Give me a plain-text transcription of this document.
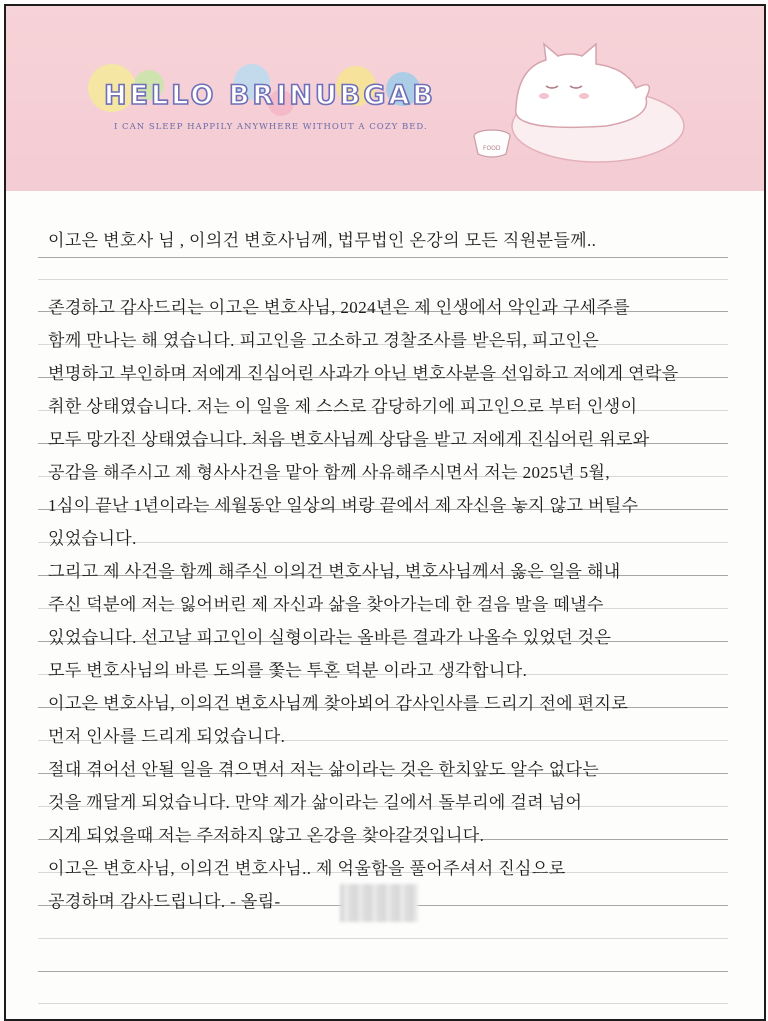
HELLO BRINUBGAB
I CAN SLEEP HAPPILY ANYWHERE WITHOUT A COZY BED.
FOOD
이고은 변호사 님 , 이의건 변호사님께, 법무법인 온강의 모든 직원분들께..
존경하고 감사드리는 이고은 변호사님, 2024년은 제 인생에서 악인과 구세주를
함께 만나는 해 였습니다. 피고인을 고소하고 경찰조사를 받은뒤, 피고인은
변명하고 부인하며 저에게 진심어린 사과가 아닌 변호사분을 선임하고 저에게 연락을
취한 상태였습니다. 저는 이 일을 제 스스로 감당하기에 피고인으로 부터 인생이
모두 망가진 상태였습니다. 처음 변호사님께 상담을 받고 저에게 진심어린 위로와
공감을 해주시고 제 형사사건을 맡아 함께 사유해주시면서 저는 2025년 5월,
1심이 끝난 1년이라는 세월동안 일상의 벼랑 끝에서 제 자신을 놓지 않고 버틸수
있었습니다.
그리고 제 사건을 함께 해주신 이의건 변호사님, 변호사님께서 옳은 일을 해내
주신 덕분에 저는 잃어버린 제 자신과 삶을 찾아가는데 한 걸음 발을 떼낼수
있었습니다. 선고날 피고인이 실형이라는 올바른 결과가 나올수 있었던 것은
모두 변호사님의 바른 도의를 쫓는 투혼 덕분 이라고 생각합니다.
이고은 변호사님, 이의건 변호사님께 찾아뵈어 감사인사를 드리기 전에 편지로
먼저 인사를 드리게 되었습니다.
절대 겪어선 안될 일을 겪으면서 저는 삶이라는 것은 한치앞도 알수 없다는
것을 깨달게 되었습니다. 만약 제가 삶이라는 길에서 돌부리에 걸려 넘어
지게 되었을때 저는 주저하지 않고 온강을 찾아갈것입니다.
이고은 변호사님, 이의건 변호사님.. 제 억울함을 풀어주셔서 진심으로
공경하며 감사드립니다. - 올림-
